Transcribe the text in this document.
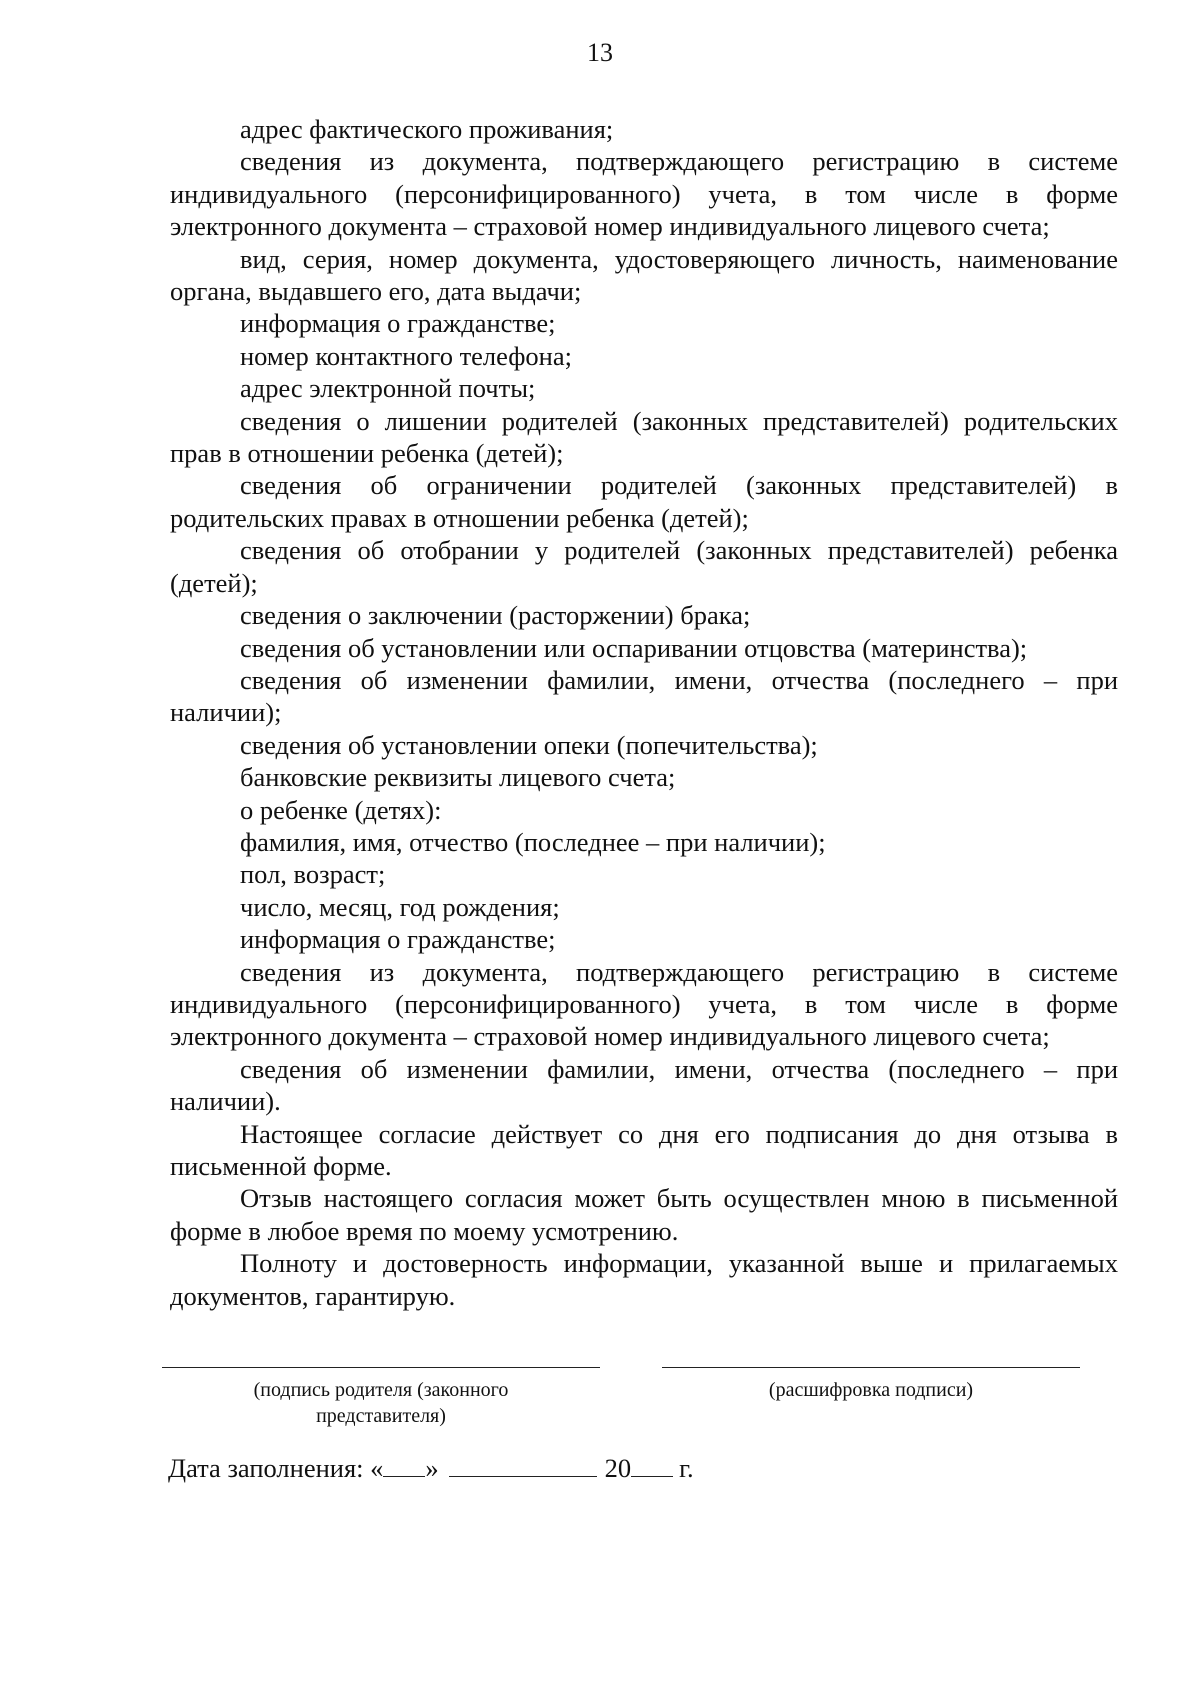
13

адрес фактического проживания;

сведения из документа, подтверждающего регистрацию в системе индивидуального (персонифицированного) учета, в том числе в форме электронного документа – страховой номер индивидуального лицевого счета;

вид, серия, номер документа, удостоверяющего личность, наименование органа, выдавшего его, дата выдачи;

информация о гражданстве;

номер контактного телефона;

адрес электронной почты;

сведения о лишении родителей (законных представителей) родительских прав в отношении ребенка (детей);

сведения об ограничении родителей (законных представителей) в родительских правах в отношении ребенка (детей);

сведения об отобрании у родителей (законных представителей) ребенка (детей);

сведения о заключении (расторжении) брака;

сведения об установлении или оспаривании отцовства (материнства);

сведения об изменении фамилии, имени, отчества (последнего – при наличии);

сведения об установлении опеки (попечительства);

банковские реквизиты лицевого счета;

о ребенке (детях):

фамилия, имя, отчество (последнее – при наличии);

пол, возраст;

число, месяц, год рождения;

информация о гражданстве;

сведения из документа, подтверждающего регистрацию в системе индивидуального (персонифицированного) учета, в том числе в форме электронного документа – страховой номер индивидуального лицевого счета;

сведения об изменении фамилии, имени, отчества (последнего – при наличии).

Настоящее согласие действует со дня его подписания до дня отзыва в письменной форме.

Отзыв настоящего согласия может быть осуществлен мною в письменной форме в любое время по моему усмотрению.

Полноту и достоверность информации, указанной выше и прилагаемых документов, гарантирую.

(подпись родителя (законного
представителя)
(расшифровка подписи)
Дата заполнения: « »	20 г.
